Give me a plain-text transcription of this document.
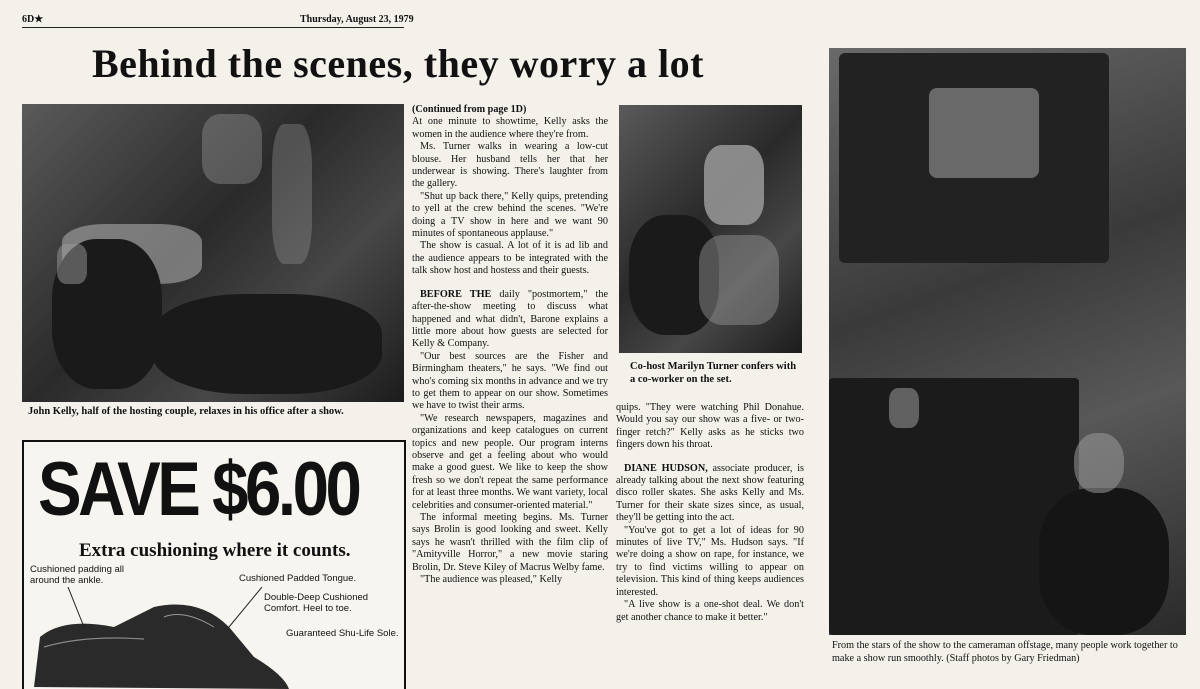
6D★	Thursday, August 23, 1979
Behind the scenes, they worry a lot
John Kelly, half of the hosting couple, relaxes in his office after a show.
SAVE $6.00
Extra cushioning where it counts.
Cushioned padding all around the ankle.	Cushioned Padded Tongue.
Double-Deep Cushioned Comfort. Heel to toe.
Guaranteed Shu-Life Sole.

(Continued from page 1D)

At one minute to showtime, Kelly asks the women in the audience where they're from.

Ms. Turner walks in wearing a low-cut blouse. Her husband tells her that her underwear is showing. There's laughter from the gallery.

"Shut up back there," Kelly quips, pretending to yell at the crew behind the scenes. "We're doing a TV show in here and we want 90 minutes of spontaneous applause."

The show is casual. A lot of it is ad lib and the audience appears to be integrated with the talk show host and hostess and their guests.

BEFORE THE daily "postmortem," the after-the-show meeting to discuss what happened and what didn't, Barone explains a little more about how guests are selected for Kelly & Company.

"Our best sources are the Fisher and Birmingham theaters," he says. "We find out who's coming six months in advance and we try to get them to appear on our show. Sometimes we have to twist their arms.

"We research newspapers, magazines and organizations and keep catalogues on current topics and new people. Our program interns observe and get a feeling about who would make a good guest. We like to keep the show fresh so we don't repeat the same performance for at least three months. We want variety, local celebrities and consumer-oriented material."

The informal meeting begins. Ms. Turner says Brolin is good looking and sweet. Kelly says he wasn't thrilled with the film clip of "Amityville Horror," a new movie staring Brolin, Dr. Steve Kiley of Macrus Welby fame.

"The audience was pleased," Kelly

Co-host Marilyn Turner confers with a co-worker on the set.

quips. "They were watching Phil Donahue. Would you say our show was a five- or two-finger retch?" Kelly asks as he sticks two fingers down his throat.

DIANE HUDSON, associate producer, is already talking about the next show featuring disco roller skates. She asks Kelly and Ms. Turner for their skate sizes since, as usual, they'll be getting into the act.

"You've got to get a lot of ideas for 90 minutes of live TV," Ms. Hudson says. "If we're doing a show on rape, for instance, we try to find victims willing to appear on television. This kind of thing keeps audiences interested.

"A live show is a one-shot deal. We don't get another chance to make it better."

From the stars of the show to the cameraman offstage, many people work together to make a show run smoothly. (Staff photos by Gary Friedman)
